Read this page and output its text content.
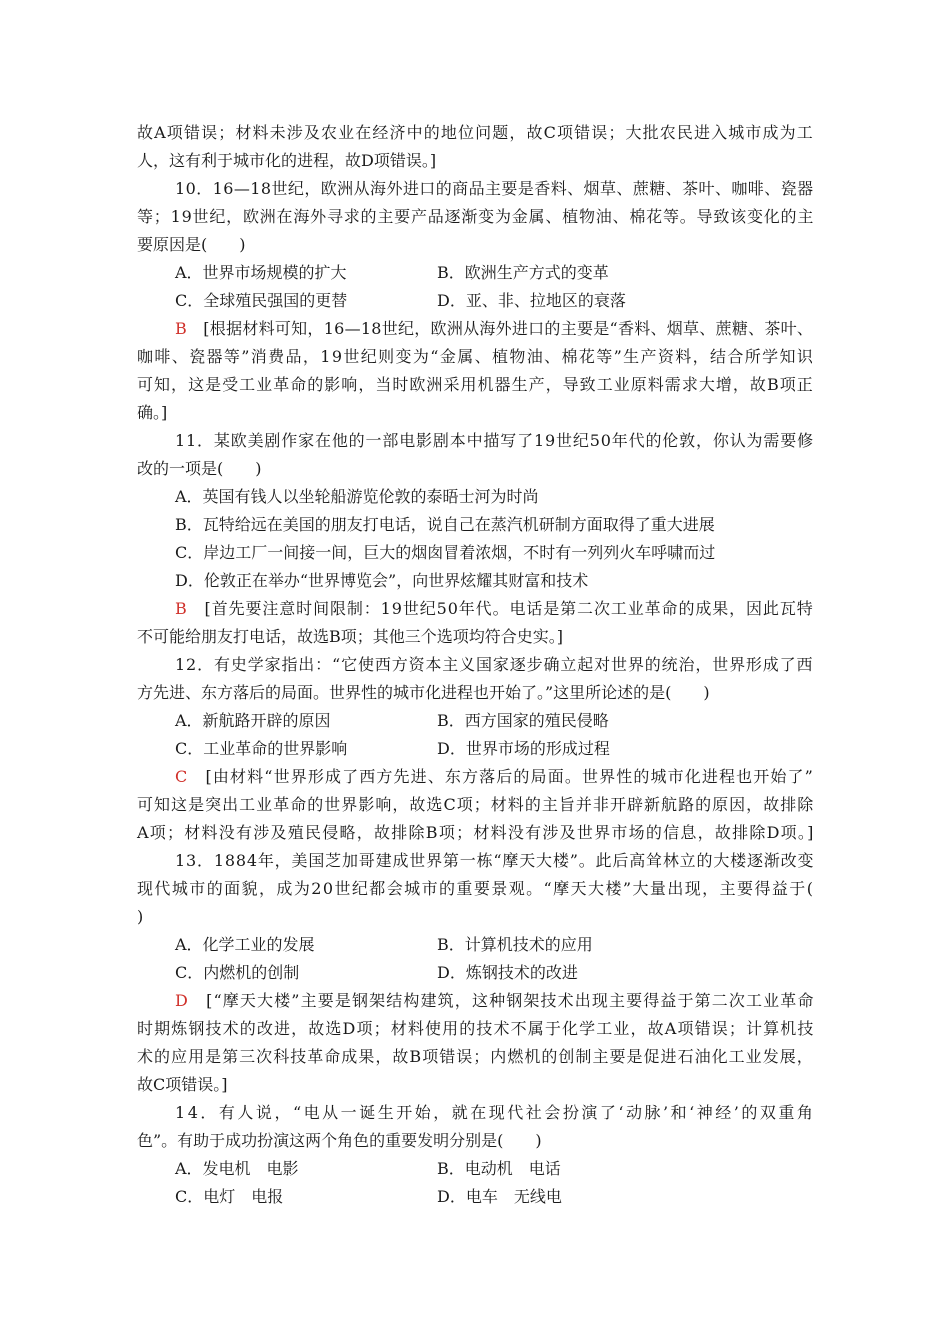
故A项错误；材料未涉及农业在经济中的地位问题，故C项错误；大批农民进入城市成为工
人，这有利于城市化的进程，故D项错误。]
10．16—18世纪，欧洲从海外进口的商品主要是香料、烟草、蔗糖、茶叶、咖啡、瓷器
等；19世纪，欧洲在海外寻求的主要产品逐渐变为金属、植物油、棉花等。导致该变化的主
要原因是(　　)
A．世界市场规模的扩大	B．欧洲生产方式的变革
C．全球殖民强国的更替	D．亚、非、拉地区的衰落
B　[根据材料可知，16—18世纪，欧洲从海外进口的主要是“香料、烟草、蔗糖、茶叶、
咖啡、瓷器等”消费品，19世纪则变为“金属、植物油、棉花等”生产资料，结合所学知识
可知，这是受工业革命的影响，当时欧洲采用机器生产，导致工业原料需求大增，故B项正
确。]
11．某欧美剧作家在他的一部电影剧本中描写了19世纪50年代的伦敦，你认为需要修
改的一项是(　　)
A．英国有钱人以坐轮船游览伦敦的泰晤士河为时尚
B．瓦特给远在美国的朋友打电话，说自己在蒸汽机研制方面取得了重大进展
C．岸边工厂一间接一间，巨大的烟囱冒着浓烟，不时有一列列火车呼啸而过
D．伦敦正在举办“世界博览会”，向世界炫耀其财富和技术
B　[首先要注意时间限制：19世纪50年代。电话是第二次工业革命的成果，因此瓦特
不可能给朋友打电话，故选B项；其他三个选项均符合史实。]
12．有史学家指出：“它使西方资本主义国家逐步确立起对世界的统治，世界形成了西
方先进、东方落后的局面。世界性的城市化进程也开始了。”这里所论述的是(　　)
A．新航路开辟的原因	B．西方国家的殖民侵略
C．工业革命的世界影响	D．世界市场的形成过程
C　[由材料“世界形成了西方先进、东方落后的局面。世界性的城市化进程也开始了”
可知这是突出工业革命的世界影响，故选C项；材料的主旨并非开辟新航路的原因，故排除
A项；材料没有涉及殖民侵略，故排除B项；材料没有涉及世界市场的信息，故排除D项。]
13．1884年，美国芝加哥建成世界第一栋“摩天大楼”。此后高耸林立的大楼逐渐改变
现代城市的面貌，成为20世纪都会城市的重要景观。“摩天大楼”大量出现，主要得益于(
)
A．化学工业的发展	B．计算机技术的应用
C．内燃机的创制	D．炼钢技术的改进
D　[“摩天大楼”主要是钢架结构建筑，这种钢架技术出现主要得益于第二次工业革命
时期炼钢技术的改进，故选D项；材料使用的技术不属于化学工业，故A项错误；计算机技
术的应用是第三次科技革命成果，故B项错误；内燃机的创制主要是促进石油化工业发展，
故C项错误。]
14．有人说，“电从一诞生开始，就在现代社会扮演了‘动脉’和‘神经’的双重角
色”。有助于成功扮演这两个角色的重要发明分别是(　　)
A．发电机　电影	B．电动机　电话
C．电灯　电报	D．电车　无线电
